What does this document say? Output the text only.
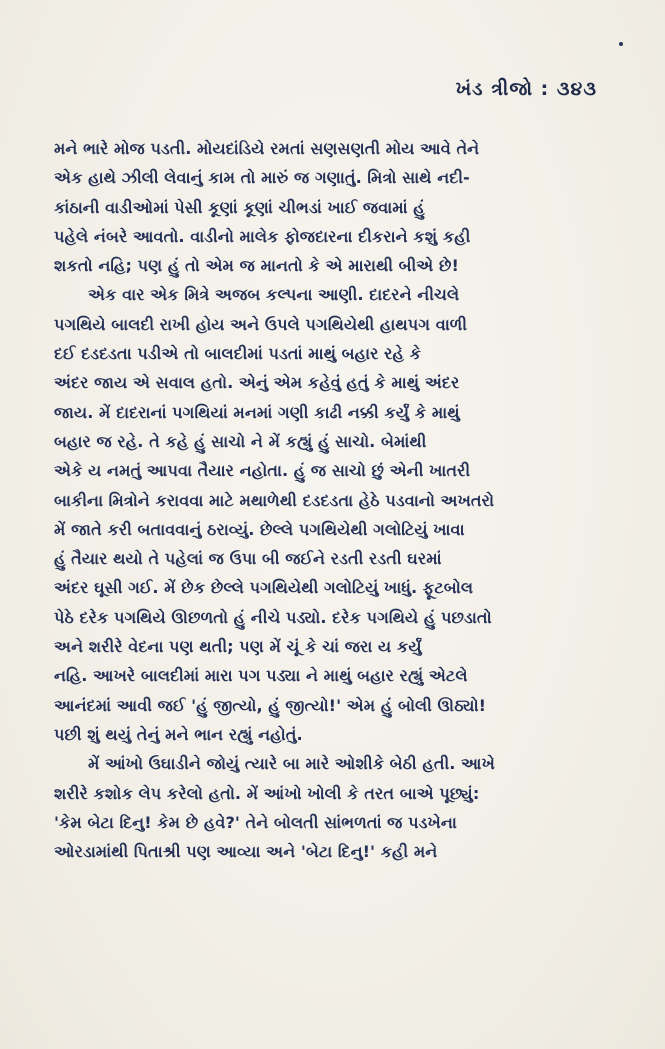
ખંડ ત્રીજો : ૩૪૩

મને ભારે મોજ પડતી. મોયદાંડિયે રમતાં સણસણતી મોય આવે તેને
એક હાથે ઝીલી લેવાનું કામ તો મારું જ ગણાતું. મિત્રો સાથે નદી-
કાંઠાની વાડીઓમાં પેસી કૂણાં કૂણાં ચીભડાં ખાઈ જવામાં હું
પહેલે નંબરે આવતો. વાડીનો માલેક ફોજદારના દીકરાને કશું કહી
શકતો નહિ; પણ હું તો એમ જ માનતો કે એ મારાથી બીએ છે!

એક વાર એક મિત્રે અજબ કલ્પના આણી. દાદરને નીચલે
પગથિયે બાલદી રાખી હોય અને ઉપલે પગથિયેથી હાથપગ વાળી
દઈ દડદડતા પડીએ તો બાલદીમાં પડતાં માથું બહાર રહે કે
અંદર જાય એ સવાલ હતો. એનું એમ કહેવું હતું કે માથું અંદર
જાય. મેં દાદરાનાં પગથિયાં મનમાં ગણી કાઢી નક્કી કર્યું કે માથું
બહાર જ રહે. તે કહે હું સાચો ને મેં કહ્યું હું સાચો. બેમાંથી
એકે ય નમતું આપવા તૈયાર નહોતા. હું જ સાચો છું એની ખાતરી
બાકીના મિત્રોને કરાવવા માટે મથાળેથી દડદડતા હેઠે પડવાનો અખતરો
મેં જાતે કરી બતાવવાનું ઠરાવ્યું. છેલ્લે પગથિયેથી ગલોટિયું ખાવા
હું તૈયાર થયો તે પહેલાં જ ઉપા બી જઈને રડતી રડતી ઘરમાં
અંદર ઘૂસી ગઈ. મેં છેક છેલ્લે પગથિયેથી ગલોટિયું ખાધું. ફૂટબોલ
પેઠે દરેક પગથિયે ઊછળતો હું નીચે પડ્યો. દરેક પગથિયે હું પછડાતો
અને શરીરે વેદના પણ થતી; પણ મેં ચૂં કે ચાં જરા ય કર્યું
નહિ. આખરે બાલદીમાં મારા પગ પડ્યા ને માથું બહાર રહ્યું એટલે
આનંદમાં આવી જઈ 'હું જીત્યો, હું જીત્યો!' એમ હું બોલી ઊઠ્યો!
પછી શું થયું તેનું મને ભાન રહ્યું નહોતું.

મેં આંખો ઉઘાડીને જોયું ત્યારે બા મારે ઓશીકે બેઠી હતી. આખે
શરીરે કશોક લેપ કરેલો હતો. મેં આંખો ખોલી કે તરત બાએ પૂછ્યું:
'કેમ બેટા દિનુ! કેમ છે હવે?' તેને બોલતી સાંભળતાં જ પડખેના
ઓરડામાંથી પિતાશ્રી પણ આવ્યા અને 'બેટા દિનુ!' કહી મને
